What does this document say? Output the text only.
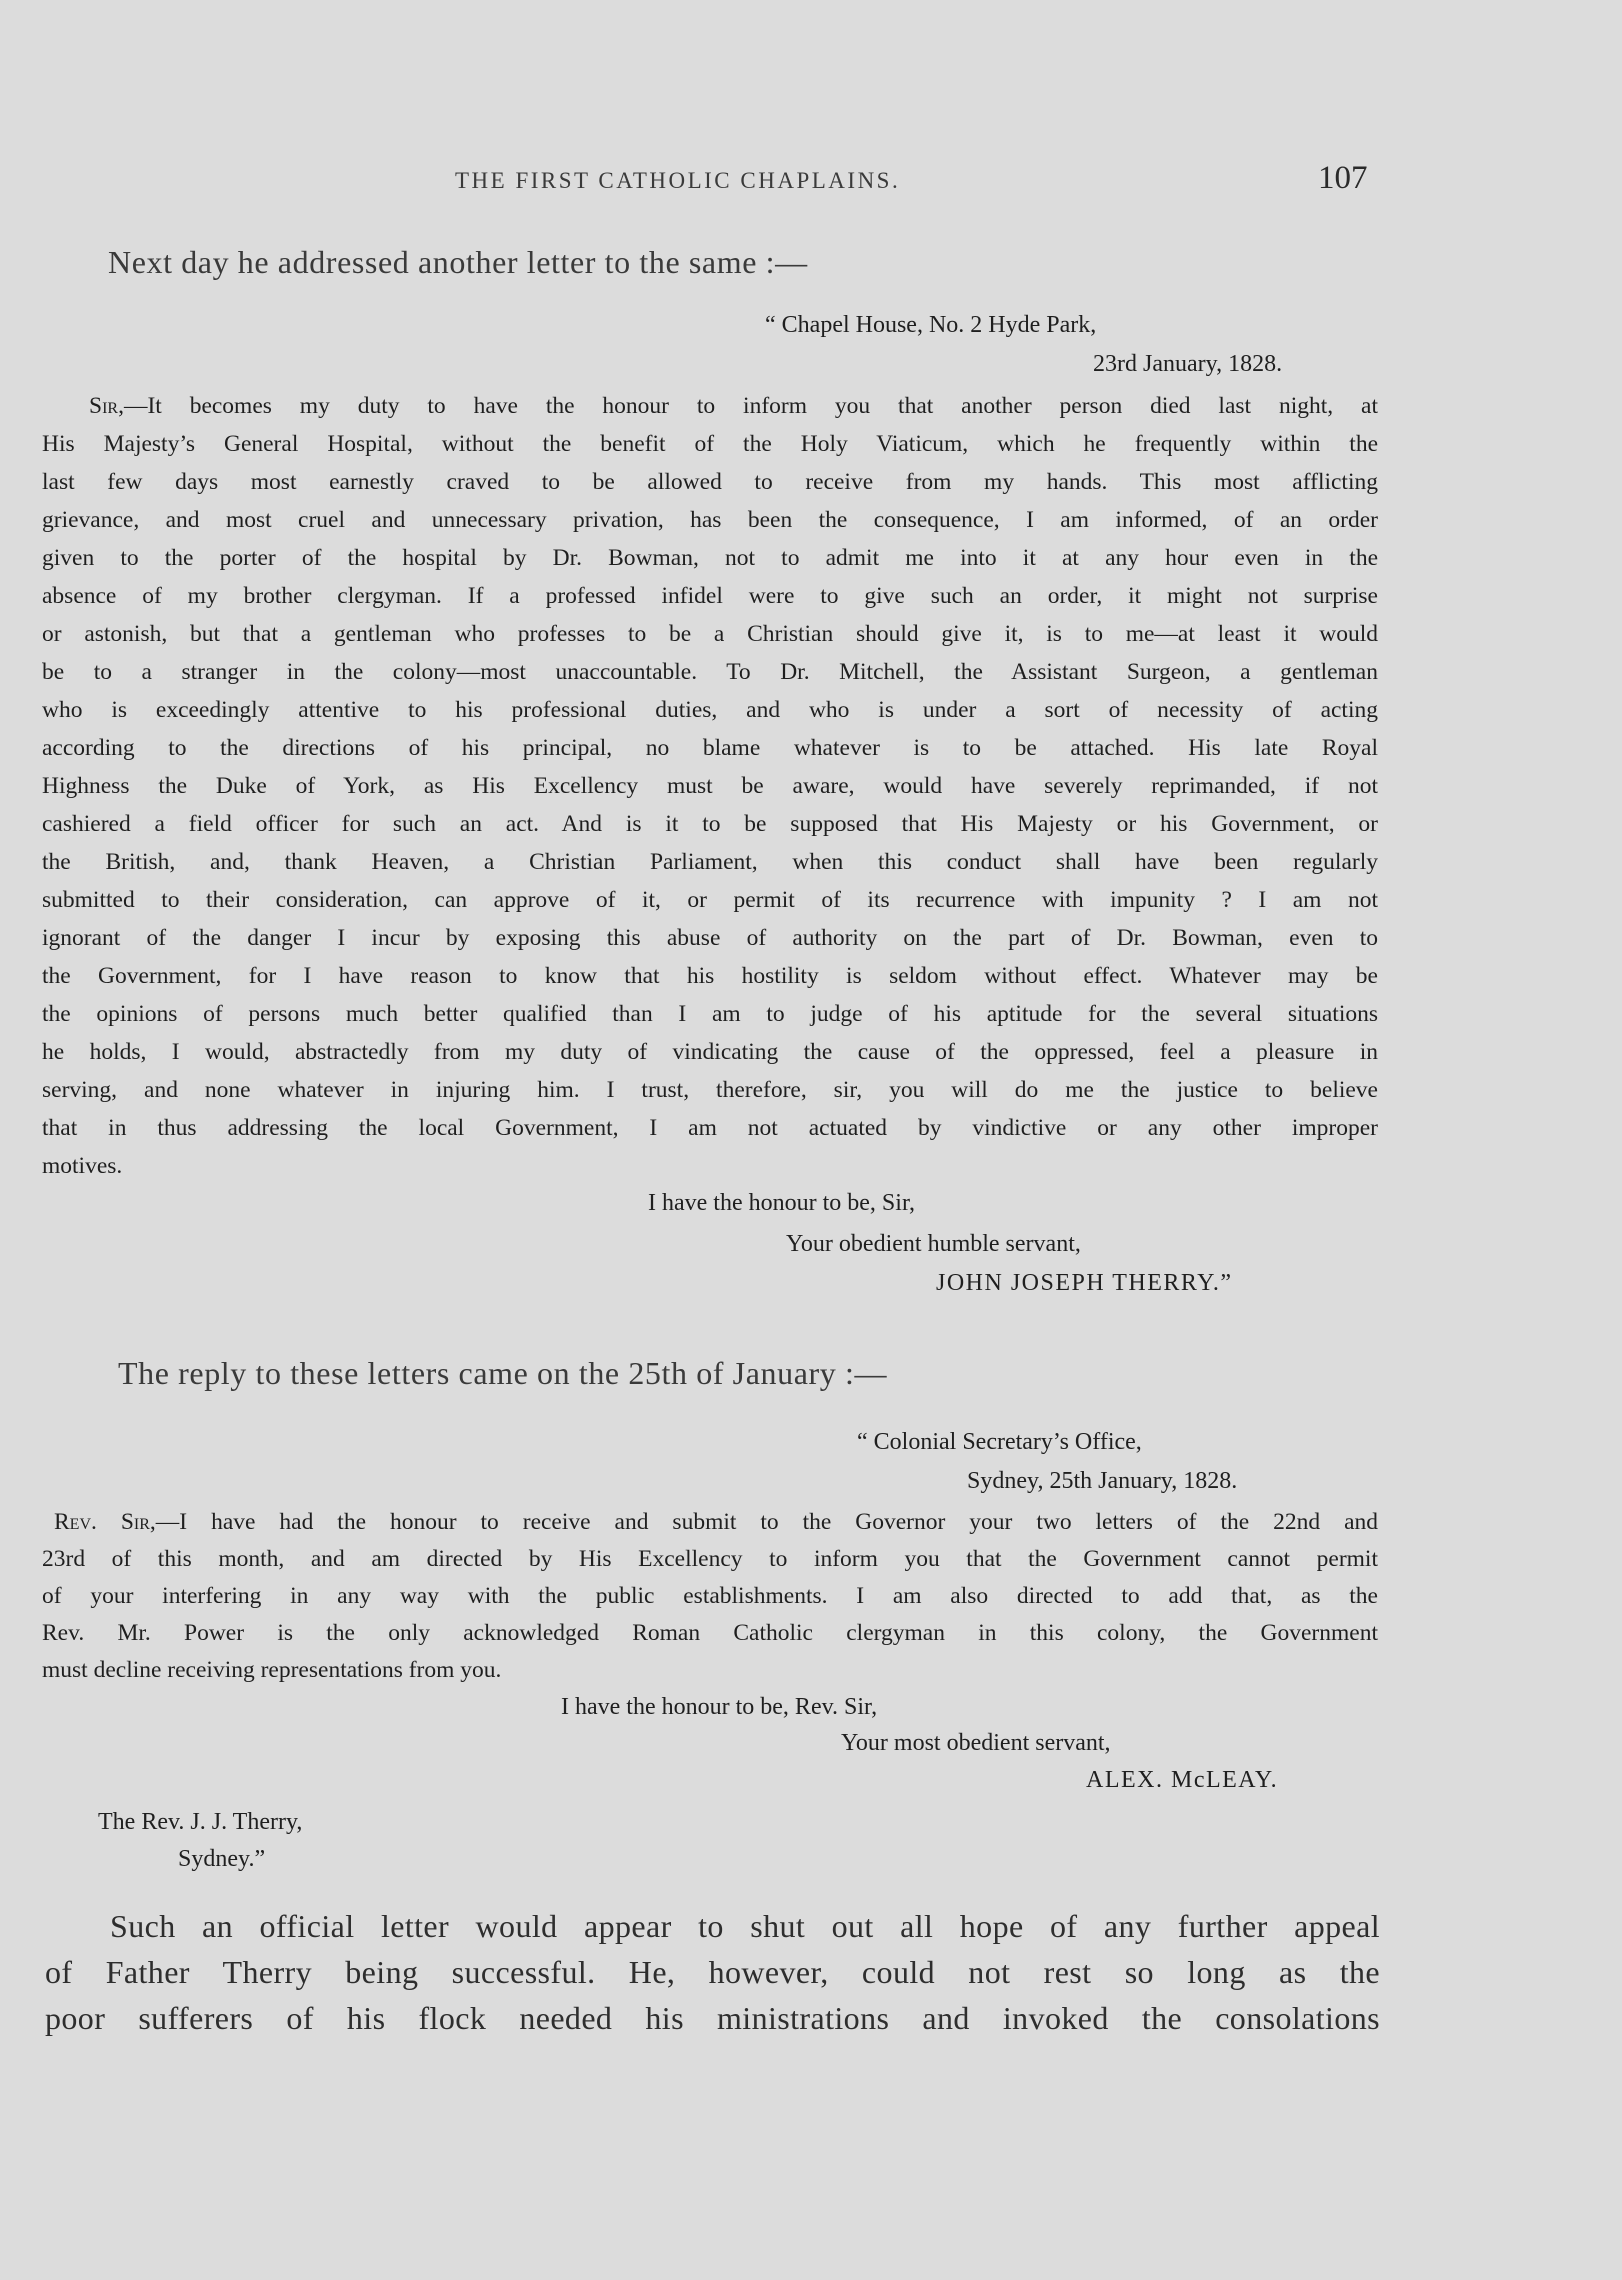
THE FIRST CATHOLIC CHAPLAINS.	107
Next day he addressed another letter to the same :—
“ Chapel House, No. 2 Hyde Park,
23rd January, 1828.
Sir,—It becomes my duty to have the honour to inform you that another person died last night, at
His Majesty’s General Hospital, without the benefit of the Holy Viaticum, which he frequently within the
last few days most earnestly craved to be allowed to receive from my hands. This most afflicting
grievance, and most cruel and unnecessary privation, has been the consequence, I am informed, of an order
given to the porter of the hospital by Dr. Bowman, not to admit me into it at any hour even in the
absence of my brother clergyman. If a professed infidel were to give such an order, it might not surprise
or astonish, but that a gentleman who professes to be a Christian should give it, is to me—at least it would
be to a stranger in the colony—most unaccountable. To Dr. Mitchell, the Assistant Surgeon, a gentleman
who is exceedingly attentive to his professional duties, and who is under a sort of necessity of acting
according to the directions of his principal, no blame whatever is to be attached. His late Royal
Highness the Duke of York, as His Excellency must be aware, would have severely reprimanded, if not
cashiered a field officer for such an act. And is it to be supposed that His Majesty or his Government, or
the British, and, thank Heaven, a Christian Parliament, when this conduct shall have been regularly
submitted to their consideration, can approve of it, or permit of its recurrence with impunity ? I am not
ignorant of the danger I incur by exposing this abuse of authority on the part of Dr. Bowman, even to
the Government, for I have reason to know that his hostility is seldom without effect. Whatever may be
the opinions of persons much better qualified than I am to judge of his aptitude for the several situations
he holds, I would, abstractedly from my duty of vindicating the cause of the oppressed, feel a pleasure in
serving, and none whatever in injuring him. I trust, therefore, sir, you will do me the justice to believe
that in thus addressing the local Government, I am not actuated by vindictive or any other improper
motives.
I have the honour to be, Sir,
Your obedient humble servant,
JOHN JOSEPH THERRY.”
The reply to these letters came on the 25th of January :—
“ Colonial Secretary’s Office,
Sydney, 25th January, 1828.
Rev. Sir,—I have had the honour to receive and submit to the Governor your two letters of the 22nd and
23rd of this month, and am directed by His Excellency to inform you that the Government cannot permit
of your interfering in any way with the public establishments. I am also directed to add that, as the
Rev. Mr. Power is the only acknowledged Roman Catholic clergyman in this colony, the Government
must decline receiving representations from you.
I have the honour to be, Rev. Sir,
Your most obedient servant,
ALEX. McLEAY.
The Rev. J. J. Therry,
Sydney.”
Such an official letter would appear to shut out all hope of any further appeal
of Father Therry being successful. He, however, could not rest so long as the
poor sufferers of his flock needed his ministrations and invoked the consolations
